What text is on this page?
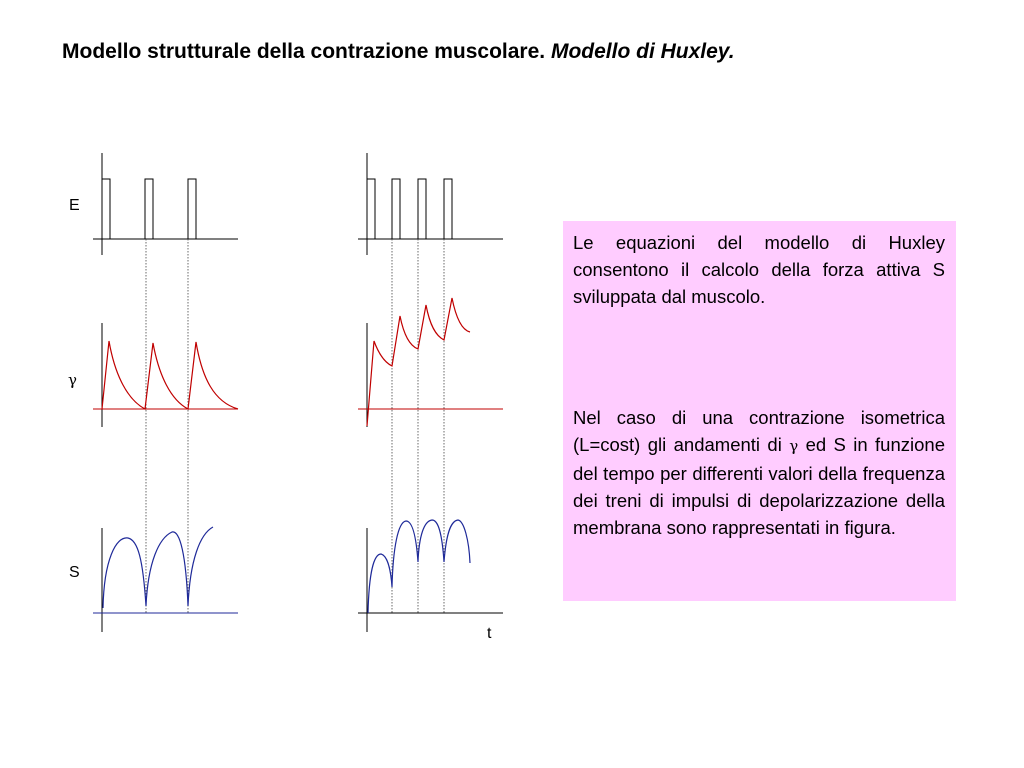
Modello strutturale della contrazione muscolare. Modello di Huxley.
E
γ
S
t

Le equazioni del modello di Huxley consentono il calcolo della forza attiva S sviluppata dal muscolo.

Nel caso di una contrazione isometrica (L=cost) gli andamenti di γ ed S in funzione del tempo per differenti valori della frequenza dei treni di impulsi di depolarizzazione della membrana sono rappresentati in figura.
